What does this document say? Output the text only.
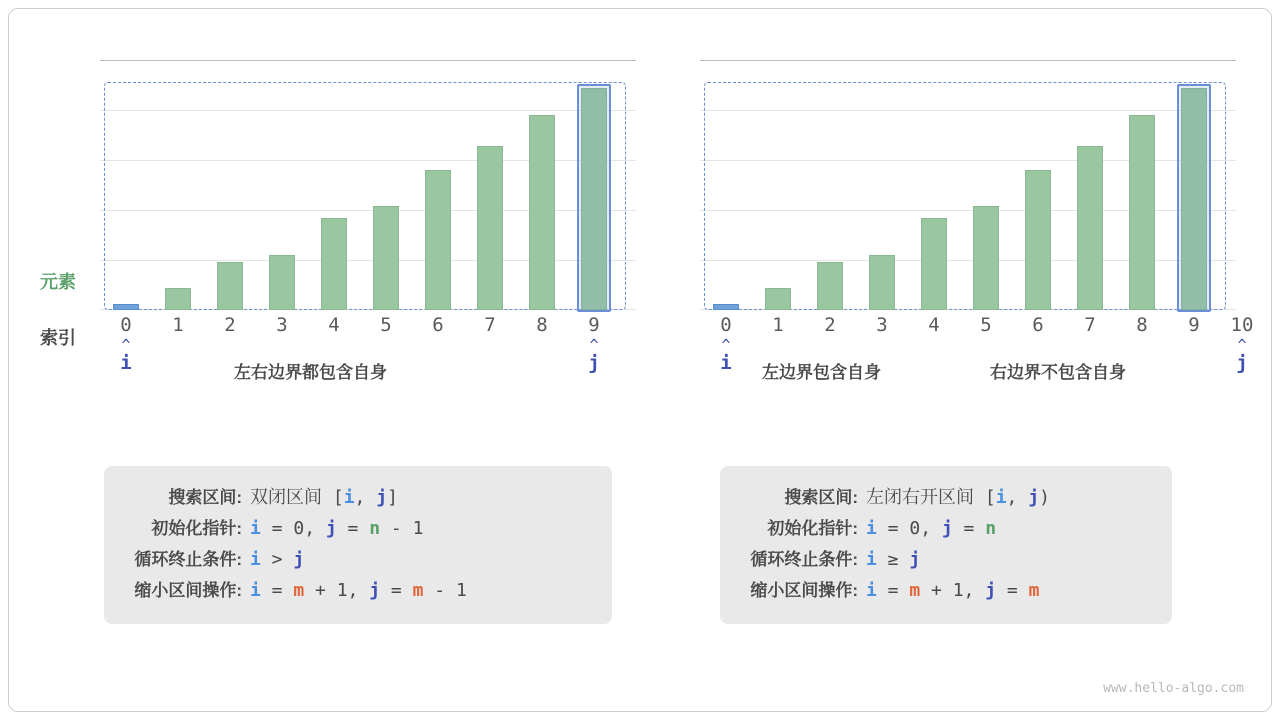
元素
索引
0	1	2	3	4	5	6	7	8	9
^	^
i	j
左右边界都包含自身
0	1	2	3	4	5	6	7	8	9	10
^	^
i	j
左边界包含自身	右边界不包含自身
搜索区间: 双闭区间 [i, j]
初始化指针: i = 0, j = n - 1
循环终止条件: i > j
缩小区间操作: i = m + 1, j = m - 1
搜索区间: 左闭右开区间 [i, j)
初始化指针: i = 0, j = n
循环终止条件: i ≥ j
缩小区间操作: i = m + 1, j = m
www.hello-algo.com
